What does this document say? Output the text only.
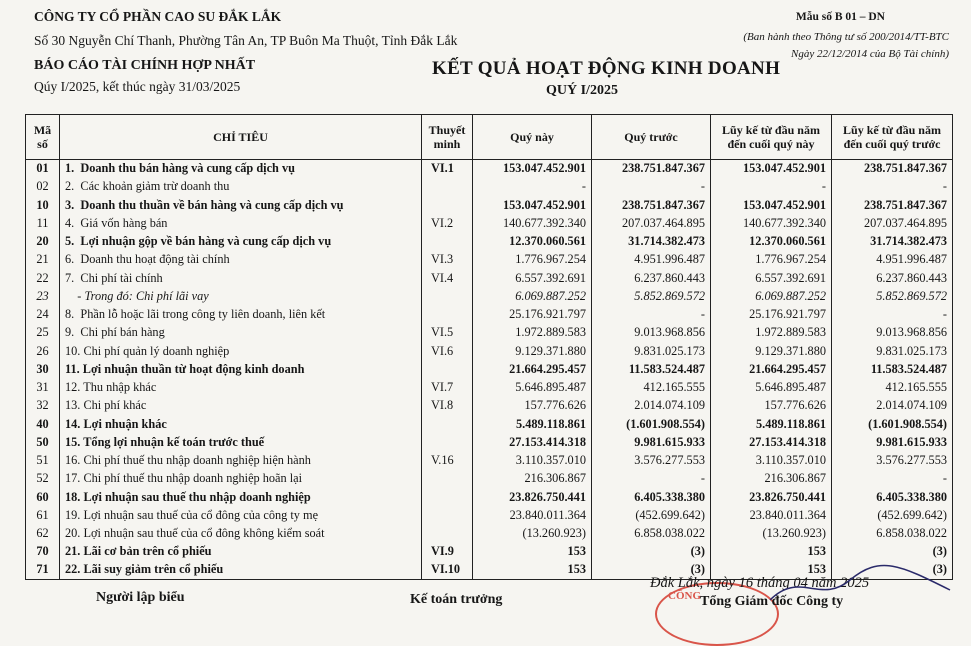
CÔNG TY CỔ PHẦN CAO SU ĐẮK LẮK
Số 30 Nguyễn Chí Thanh, Phường Tân An, TP Buôn Ma Thuột, Tỉnh Đắk Lắk
BÁO CÁO TÀI CHÍNH HỢP NHẤT
Qúy I/2025, kết thúc ngày 31/03/2025
Mẫu số B 01 – DN
(Ban hành theo Thông tư số 200/2014/TT-BTC
Ngày 22/12/2014 của Bộ Tài chính)
KẾT QUẢ HOẠT ĐỘNG KINH DOANH
QUÝ I/2025
Mã số	CHỈ TIÊU	Thuyết minh	Quý này	Quý trước	Lũy kế từ đầu năm đến cuối quý này	Lũy kế từ đầu năm đến cuối quý trước
01	1.  Doanh thu bán hàng và cung cấp dịch vụ	VI.1	153.047.452.901	238.751.847.367	153.047.452.901	238.751.847.367
02	2.  Các khoản giảm trừ doanh thu		-	-	-	-
10	3.  Doanh thu thuần về bán hàng và cung cấp dịch vụ		153.047.452.901	238.751.847.367	153.047.452.901	238.751.847.367
11	4.  Giá vốn hàng bán	VI.2	140.677.392.340	207.037.464.895	140.677.392.340	207.037.464.895
20	5.  Lợi nhuận gộp về bán hàng và cung cấp dịch vụ		12.370.060.561	31.714.382.473	12.370.060.561	31.714.382.473
21	6.  Doanh thu hoạt động tài chính	VI.3	1.776.967.254	4.951.996.487	1.776.967.254	4.951.996.487
22	7.  Chi phí tài chính	VI.4	6.557.392.691	6.237.860.443	6.557.392.691	6.237.860.443
23	- Trong đó: Chi phí lãi vay		6.069.887.252	5.852.869.572	6.069.887.252	5.852.869.572
24	8.  Phần lỗ hoặc lãi trong công ty liên doanh, liên kết		25.176.921.797	-	25.176.921.797	-
25	9.  Chi phí bán hàng	VI.5	1.972.889.583	9.013.968.856	1.972.889.583	9.013.968.856
26	10. Chi phí quản lý doanh nghiệp	VI.6	9.129.371.880	9.831.025.173	9.129.371.880	9.831.025.173
30	11. Lợi nhuận thuần từ hoạt động kinh doanh		21.664.295.457	11.583.524.487	21.664.295.457	11.583.524.487
31	12. Thu nhập khác	VI.7	5.646.895.487	412.165.555	5.646.895.487	412.165.555
32	13. Chi phí khác	VI.8	157.776.626	2.014.074.109	157.776.626	2.014.074.109
40	14. Lợi nhuận khác		5.489.118.861	(1.601.908.554)	5.489.118.861	(1.601.908.554)
50	15. Tổng lợi nhuận kế toán trước thuế		27.153.414.318	9.981.615.933	27.153.414.318	9.981.615.933
51	16. Chi phí thuế thu nhập doanh nghiệp hiện hành	V.16	3.110.357.010	3.576.277.553	3.110.357.010	3.576.277.553
52	17. Chi phí thuế thu nhập doanh nghiệp hoãn lại		216.306.867	-	216.306.867	-
60	18. Lợi nhuận sau thuế thu nhập doanh nghiệp		23.826.750.441	6.405.338.380	23.826.750.441	6.405.338.380
61	19. Lợi nhuận sau thuế của cổ đông của công ty mẹ		23.840.011.364	(452.699.642)	23.840.011.364	(452.699.642)
62	20. Lợi nhuận sau thuế của cổ đông không kiểm soát		(13.260.923)	6.858.038.022	(13.260.923)	6.858.038.022
70	21. Lãi cơ bản trên cổ phiếu	VI.9	153	(3)	153	(3)
71	22. Lãi suy giảm trên cổ phiếu	VI.10	153	(3)	153	(3)
Người lập biểu	Kế toán trưởng	CÔNG
Đắk Lắk, ngày 16 tháng 04 năm 2025
Tổng Giám đốc Công ty
